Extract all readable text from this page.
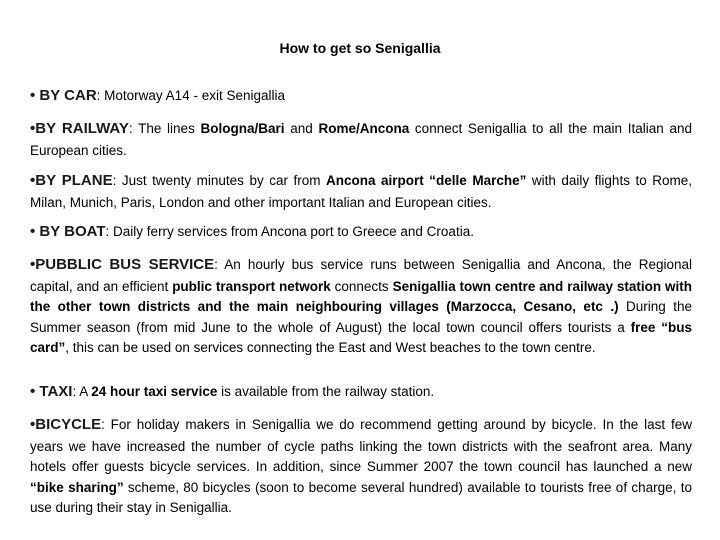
How to get so Senigallia
• BY CAR: Motorway A14 - exit Senigallia
•BY RAILWAY: The lines Bologna/Bari and Rome/Ancona connect Senigallia to all the main Italian and European cities.
•BY PLANE: Just twenty minutes by car from Ancona airport “delle Marche” with daily flights to Rome, Milan, Munich, Paris, London and other important Italian and European cities.
• BY BOAT: Daily ferry services from Ancona port to Greece and Croatia.
•PUBBLIC BUS SERVICE: An hourly bus service runs between Senigallia and Ancona, the Regional capital, and an efficient public transport network connects Senigallia town centre and railway station with the other town districts and the main neighbouring villages (Marzocca, Cesano, etc .) During the Summer season (from mid June to the whole of August) the local town council offers tourists a free “bus card”, this can be used on services connecting the East and West beaches to the town centre.
• TAXI: A 24 hour taxi service is available from the railway station.
•BICYCLE: For holiday makers in Senigallia we do recommend getting around by bicycle. In the last few years we have increased the number of cycle paths linking the town districts with the seafront area. Many hotels offer guests bicycle services. In addition, since Summer 2007 the town council has launched a new “bike sharing” scheme, 80 bicycles (soon to become several hundred) available to tourists free of charge, to use during their stay in Senigallia.
